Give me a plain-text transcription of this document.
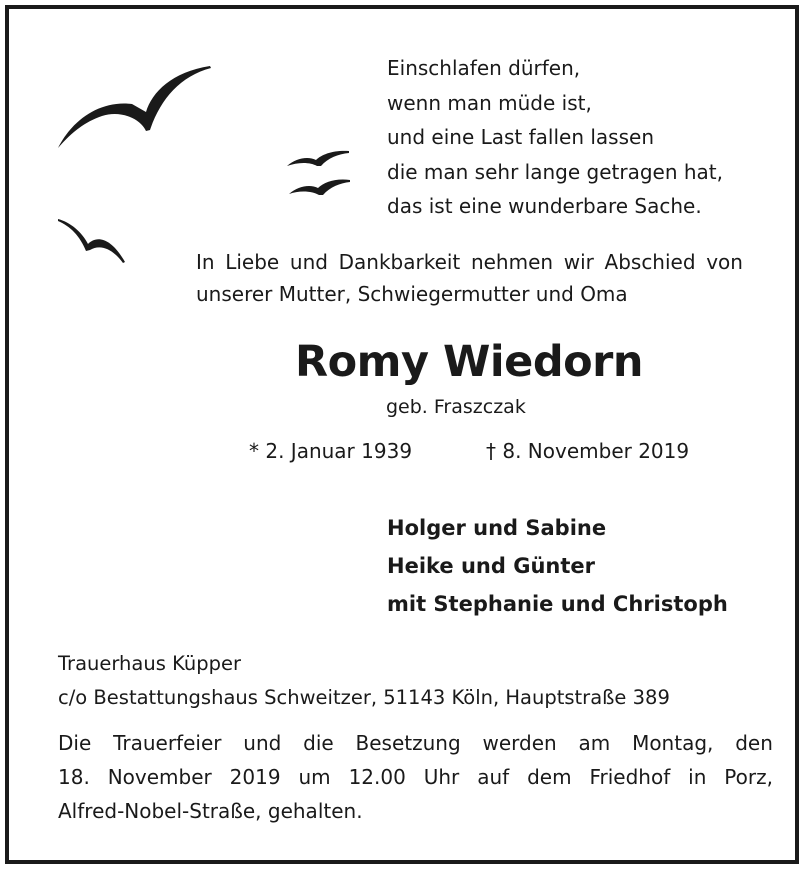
Einschlafen dürfen,
wenn man müde ist,
und eine Last fallen lassen
die man sehr lange getragen hat,
das ist eine wunderbare Sache.
In Liebe und Dankbarkeit nehmen wir Abschied von
unserer Mutter, Schwiegermutter und Oma
Romy Wiedorn
geb. Fraszczak
* 2. Januar 1939	† 8. November 2019
Holger und Sabine
Heike und Günter
mit Stephanie und Christoph
Trauerhaus Küpper
c/o Bestattungshaus Schweitzer, 51143 Köln, Hauptstraße 389
Die Trauerfeier und die Besetzung werden am Montag, den
18. November 2019 um 12.00 Uhr auf dem Friedhof in Porz,
Alfred-Nobel-Straße, gehalten.
